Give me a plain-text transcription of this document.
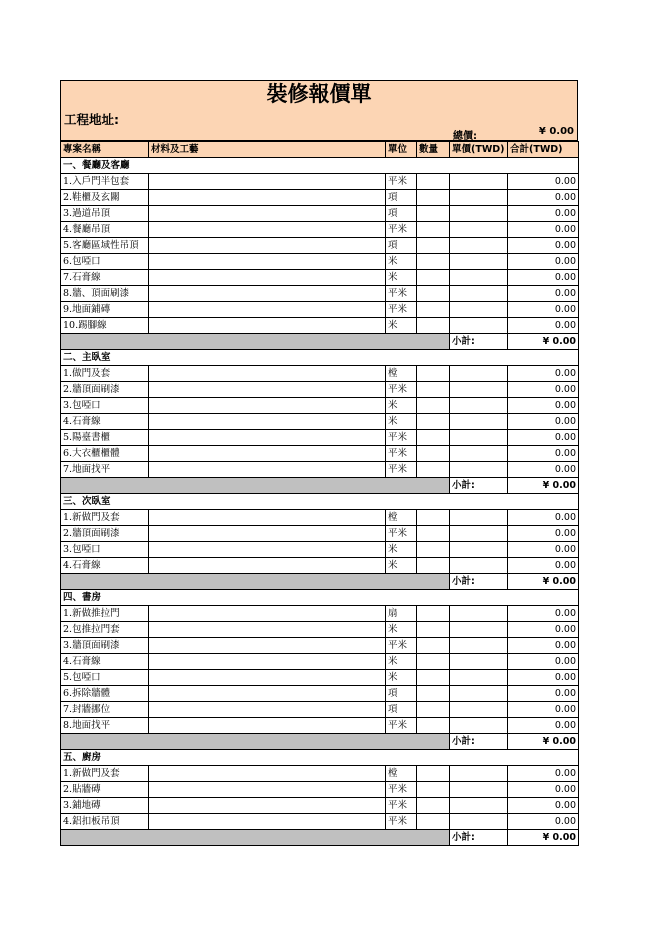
裝修報價單
工程地址:
總價:	¥ 0.00
專案名稱	材料及工藝	單位	數量	單價(TWD)	合計(TWD)
一、餐廳及客廳					
1.入戶門半包套		平米			0.00
2.鞋櫃及玄關		項			0.00
3.過道吊頂		項			0.00
4.餐廳吊頂		平米			0.00
5.客廳區域性吊頂		項			0.00
6.包啞口		米			0.00
7.石膏線		米			0.00
8.牆、頂面刷漆		平米			0.00
9.地面鋪磚		平米			0.00
10.踢腳線		米			0.00
				小計:	¥ 0.00
二、主臥室					
1.做門及套		樘			0.00
2.牆頂面刷漆		平米			0.00
3.包啞口		米			0.00
4.石膏線		米			0.00
5.陽臺書櫃		平米			0.00
6.大衣櫃櫃體		平米			0.00
7.地面找平		平米			0.00
				小計:	¥ 0.00
三、次臥室					
1.新做門及套		樘			0.00
2.牆頂面刷漆		平米			0.00
3.包啞口		米			0.00
4.石膏線		米			0.00
				小計:	¥ 0.00
四、書房					
1.新做推拉門		扇			0.00
2.包推拉門套		米			0.00
3.牆頂面刷漆		平米			0.00
4.石膏線		米			0.00
5.包啞口		米			0.00
6.拆除牆體		項			0.00
7.封牆挪位		項			0.00
8.地面找平		平米			0.00
				小計:	¥ 0.00
五、廚房					
1.新做門及套		樘			0.00
2.貼牆磚		平米			0.00
3.鋪地磚		平米			0.00
4.鋁扣板吊頂		平米			0.00
				小計:	¥ 0.00
